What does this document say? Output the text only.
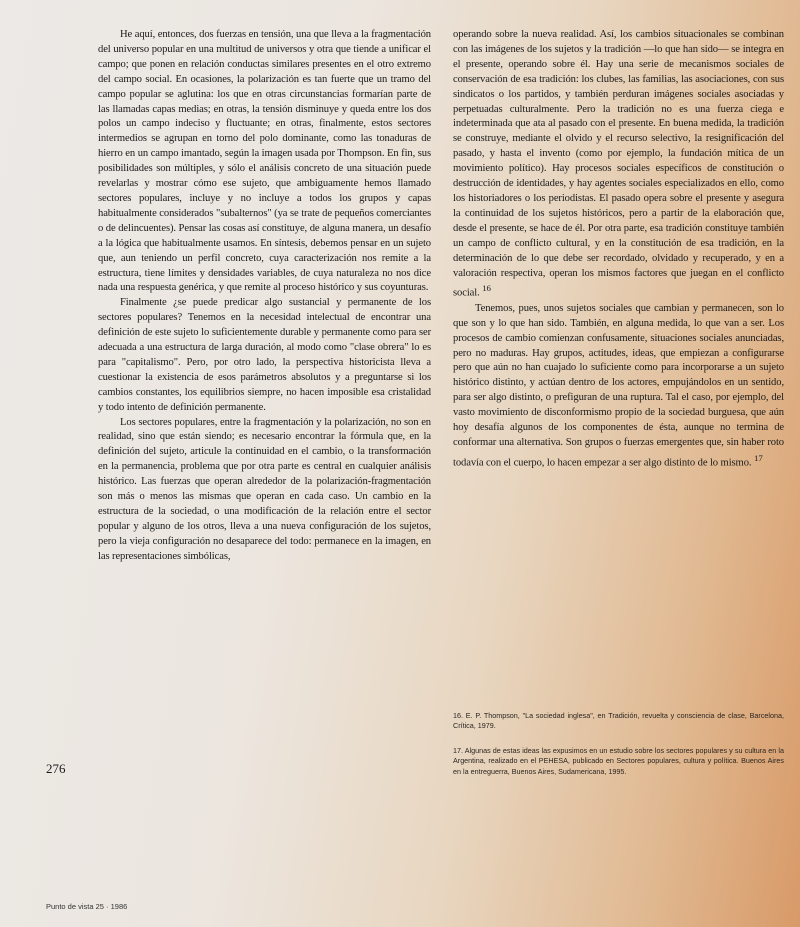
He aquí, entonces, dos fuerzas en tensión, una que lleva a la fragmentación del universo popular en una multitud de universos y otra que tiende a unificar el campo; que ponen en relación conductas similares presentes en el otro extremo del campo social. En ocasiones, la polarización es tan fuerte que un tramo del campo popular se aglutina: los que en otras circunstancias formarían parte de las llamadas capas medias; en otras, la tensión disminuye y queda entre los dos polos un campo indeciso y fluctuante; en otras, finalmente, estos sectores intermedios se agrupan en torno del polo dominante, como las tonaduras de hierro en un campo imantado, según la imagen usada por Thompson. En fin, sus posibilidades son múltiples, y sólo el análisis concreto de una situación puede revelarlas y mostrar cómo ese sujeto, que ambiguamente hemos llamado sectores populares, incluye y no incluye a todos los grupos y capas habitualmente considerados "subalternos" (ya se trate de pequeños comerciantes o de delincuentes). Pensar las cosas así constituye, de alguna manera, un desafío a la lógica que habitualmente usamos. En síntesis, debemos pensar en un sujeto que, aun teniendo un perfil concreto, cuya caracterización nos remite a la estructura, tiene límites y densidades variables, de cuya naturaleza no nos dice nada una respuesta genérica, y que remite al proceso histórico y sus coyunturas.

Finalmente ¿se puede predicar algo sustancial y permanente de los sectores populares? Tenemos en la necesidad intelectual de encontrar una definición de este sujeto lo suficientemente durable y permanente como para ser adecuada a una estructura de larga duración, al modo como "clase obrera" lo es para "capitalismo". Pero, por otro lado, la perspectiva historicista lleva a cuestionar la existencia de esos parámetros absolutos y a preguntarse si los cambios constantes, los equilibrios siempre, no hacen imposible esa cristalidad y todo intento de definición permanente.

Los sectores populares, entre la fragmentación y la polarización, no son en realidad, sino que están siendo; es necesario encontrar la fórmula que, en la definición del sujeto, articule la continuidad en el cambio, o la transformación en la permanencia, problema que por otra parte es central en cualquier análisis histórico. Las fuerzas que operan alrededor de la polarización-fragmentación son más o menos las mismas que operan en cada caso. Un cambio en la estructura de la sociedad, o una modificación de la relación entre el sector popular y alguno de los otros, lleva a una nueva configuración de los sujetos, pero la vieja configuración no desaparece del todo: permanece en la imagen, en las representaciones simbólicas,

operando sobre la nueva realidad. Así, los cambios situacionales se combinan con las imágenes de los sujetos y la tradición —lo que han sido— se integra en el presente, operando sobre él. Hay una serie de mecanismos sociales de conservación de esa tradición: los clubes, las familias, las asociaciones, con sus sindicatos o los partidos, y también perduran imágenes sociales asociadas y perpetuadas culturalmente. Pero la tradición no es una fuerza ciega e indeterminada que ata al pasado con el presente. En buena medida, la tradición se construye, mediante el olvido y el recurso selectivo, la resignificación del pasado, y hasta el invento (como por ejemplo, la fundación mítica de un movimiento político). Hay procesos sociales específicos de constitución o destrucción de identidades, y hay agentes sociales especializados en ello, como los historiadores o los periodistas. El pasado opera sobre el presente y asegura la continuidad de los sujetos históricos, pero a partir de la elaboración que, desde el presente, se hace de él. Por otra parte, esa tradición constituye también un campo de conflicto cultural, y en la constitución de esa tradición, en la determinación de lo que debe ser recordado, olvidado y recuperado, y en a valoración respectiva, operan los mismos factores que juegan en el conflicto social. $^{16}$

Tenemos, pues, unos sujetos sociales que cambian y permanecen, son lo que son y lo que han sido. También, en alguna medida, lo que van a ser. Los procesos de cambio comienzan confusamente, situaciones sociales anunciadas, pero no maduras. Hay grupos, actitudes, ideas, que empiezan a configurarse pero que aún no han cuajado lo suficiente como para incorporarse a un sujeto histórico distinto, y actúan dentro de los actores, empujándolos en un sentido, para ser algo distinto, o prefiguran de una ruptura. Tal el caso, por ejemplo, del vasto movimiento de disconformismo propio de la sociedad burguesa, que aún hoy desafía algunos de los componentes de ésta, aunque no termina de conformar una alternativa. Son grupos o fuerzas emergentes que, sin haber roto todavía con el cuerpo, lo hacen empezar a ser algo distinto de lo mismo. $^{17}$

16. E. P. Thompson, "La sociedad inglesa", en Tradición, revuelta y consciencia de clase, Barcelona, Crítica, 1979.

17. Algunas de estas ideas las expusimos en un estudio sobre los sectores populares y su cultura en la Argentina, realizado en el PEHESA, publicado en Sectores populares, cultura y política. Buenos Aires en la entreguerra, Buenos Aires, Sudamericana, 1995.

276
Punto de vista 25 · 1986
